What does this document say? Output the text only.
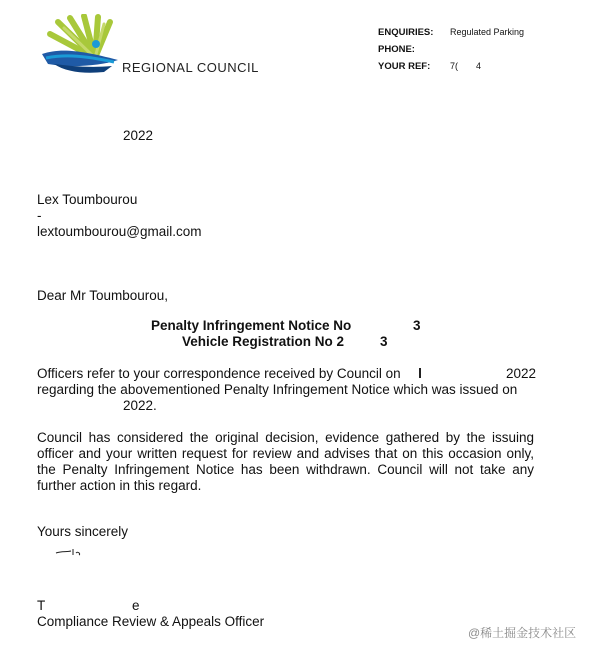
REGIONAL COUNCIL
ENQUIRIES: Regulated Parking
PHONE:
YOUR REF: 7( 4
2022
Lex Toumbourou
-
lextoumbourou@gmail.com
Dear Mr Toumbourou,
Penalty Infringement Notice No	3
Vehicle Registration No 2	3
Officers refer to your correspondence received by Council on	2022
regarding the abovementioned Penalty Infringement Notice which was issued on
2022.
Council has considered the original decision, evidence gathered by the issuing officer and your written request for review and advises that on this occasion only, the Penalty Infringement Notice has been withdrawn. Council will not take any further action in this regard.
Yours sincerely
T	e
Compliance Review & Appeals Officer
@稀土掘金技术社区
